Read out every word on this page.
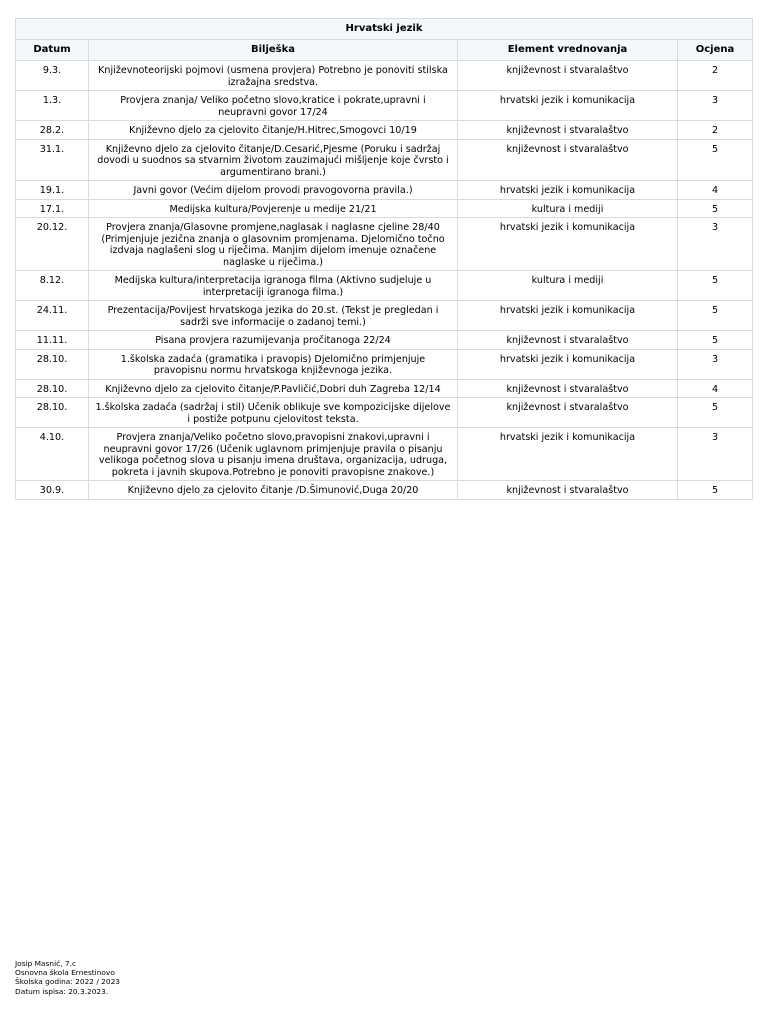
Hrvatski jezik			
Datum	Bilješka	Element vrednovanja	Ocjena
9.3.	Književnoteorijski pojmovi (usmena provjera) Potrebno je ponoviti stilska izražajna sredstva.	književnost i stvaralaštvo	2
1.3.	Provjera znanja/ Veliko početno slovo,kratice i pokrate,upravni i neupravni govor 17/24	hrvatski jezik i komunikacija	3
28.2.	Književno djelo za cjelovito čitanje/H.Hitrec,Smogovci 10/19	književnost i stvaralaštvo	2
31.1.	Književno djelo za cjelovito čitanje/D.Cesarić,Pjesme (Poruku i sadržaj dovodi u suodnos sa stvarnim životom zauzimajući mišljenje koje čvrsto i argumentirano brani.)	književnost i stvaralaštvo	5
19.1.	Javni govor (Većim dijelom provodi pravogovorna pravila.)	hrvatski jezik i komunikacija	4
17.1.	Medijska kultura/Povjerenje u medije 21/21	kultura i mediji	5
20.12.	Provjera znanja/Glasovne promjene,naglasak i naglasne cjeline 28/40 (Primjenjuje jezična znanja o glasovnim promjenama. Djelomično točno izdvaja naglašeni slog u riječima. Manjim dijelom imenuje označene naglaske u riječima.)	hrvatski jezik i komunikacija	3
8.12.	Medijska kultura/interpretacija igranoga filma (Aktivno sudjeluje u interpretaciji igranoga filma.)	kultura i mediji	5
24.11.	Prezentacija/Povijest hrvatskoga jezika do 20.st. (Tekst je pregledan i sadrži sve informacije o zadanoj temi.)	hrvatski jezik i komunikacija	5
11.11.	Pisana provjera razumijevanja pročitanoga 22/24	književnost i stvaralaštvo	5
28.10.	1.školska zadaća (gramatika i pravopis) Djelomično primjenjuje pravopisnu normu hrvatskoga književnoga jezika.	hrvatski jezik i komunikacija	3
28.10.	Književno djelo za cjelovito čitanje/P.Pavličić,Dobri duh Zagreba 12/14	književnost i stvaralaštvo	4
28.10.	1.školska zadaća (sadržaj i stil) Učenik oblikuje sve kompozicijske dijelove i postiže potpunu cjelovitost teksta.	književnost i stvaralaštvo	5
4.10.	Provjera znanja/Veliko početno slovo,pravopisni znakovi,upravni i neupravni govor 17/26 (Učenik uglavnom primjenjuje pravila o pisanju velikoga početnog slova u pisanju imena društava, organizacija, udruga, pokreta i javnih skupova.Potrebno je ponoviti pravopisne znakove.)	hrvatski jezik i komunikacija	3
30.9.	Književno djelo za cjelovito čitanje /D.Šimunović,Duga 20/20	književnost i stvaralaštvo	5
Josip Masnić, 7.c
Osnovna škola Ernestinovo
Školska godina: 2022 / 2023
Datum ispisa: 20.3.2023.
